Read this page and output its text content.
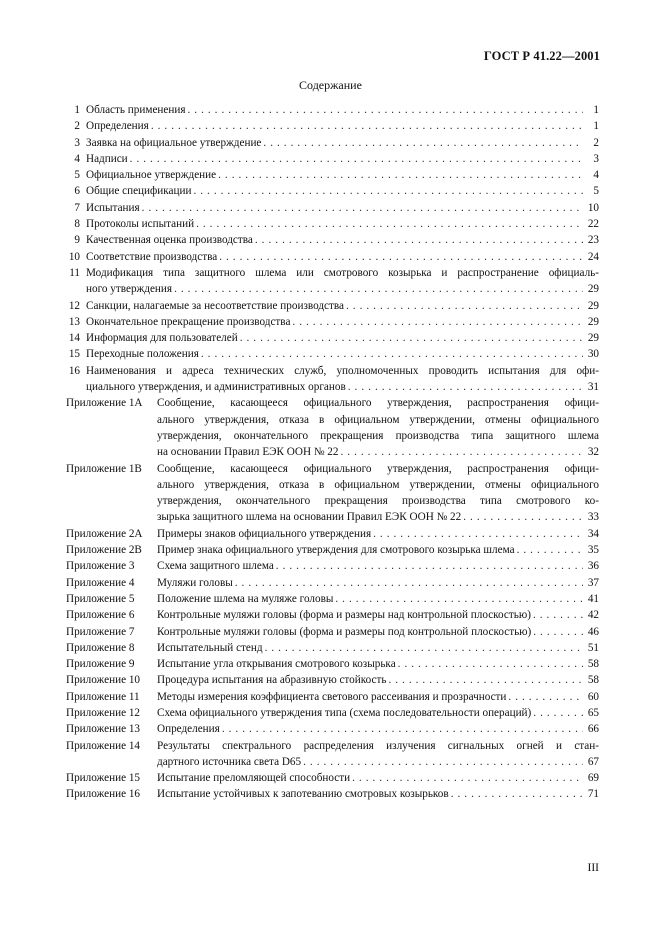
ГОСТ Р 41.22—2001
Содержание
1 Область применения . . .	1
2 Определения . . .	1
3 Заявка на официальное утверждение . . .	2
4 Надписи . . .	3
5 Официальное утверждение . . .	4
6 Общие спецификации . . .	5
7 Испытания . . .	10
8 Протоколы испытаний . . .	22
9 Качественная оценка производства . . .	23
10 Соответствие производства . . .	24
11 Модификация типа защитного шлема или смотрового козырька и распространение официаль-
ного утверждения . . .	29
12 Санкции, налагаемые за несоответствие производства . . .	29
13 Окончательное прекращение производства . . .	29
14 Информация для пользователей . . .	29
15 Переходные положения . . .	30
16 Наименования и адреса технических служб, уполномоченных проводить испытания для офи-
циального утверждения, и административных органов . . .	31
Приложение 1А	Сообщение, касающееся официального утверждения, распространения офици-
ального утверждения, отказа в официальном утверждении, отмены официального
утверждения, окончательного прекращения производства типа защитного шлема
на основании Правил ЕЭК ООН № 22 . . .	32
Приложение 1В	Сообщение, касающееся официального утверждения, распространения офици-
ального утверждения, отказа в официальном утверждении, отмены официального
утверждения, окончательного прекращения производства типа смотрового ко-
зырька защитного шлема на основании Правил ЕЭК ООН № 22 . . .	33
Приложение 2А	Примеры знаков официального утверждения . . .	34
Приложение 2В	Пример знака официального утверждения для смотрового козырька шлема . . .	35
Приложение 3	Схема защитного шлема . . .	36
Приложение 4	Муляжи головы . . .	37
Приложение 5	Положение шлема на муляже головы . . .	41
Приложение 6	Контрольные муляжи головы (форма и размеры над контрольной плоскостью) . . .	42
Приложение 7	Контрольные муляжи головы (форма и размеры под контрольной плоскостью) . . .	46
Приложение 8	Испытательный стенд . . .	51
Приложение 9	Испытание угла открывания смотрового козырька . . .	58
Приложение 10	Процедура испытания на абразивную стойкость . . .	58
Приложение 11	Методы измерения коэффициента светового рассеивания и прозрачности . . .	60
Приложение 12	Схема официального утверждения типа (схема последовательности операций) . . .	65
Приложение 13	Определения . . .	66
Приложение 14	Результаты спектрального распределения излучения сигнальных огней и стан-
дартного источника света D65 . . .	67
Приложение 15	Испытание преломляющей способности . . .	69
Приложение 16	Испытание устойчивых к запотеванию смотровых козырьков . . .	71
III
